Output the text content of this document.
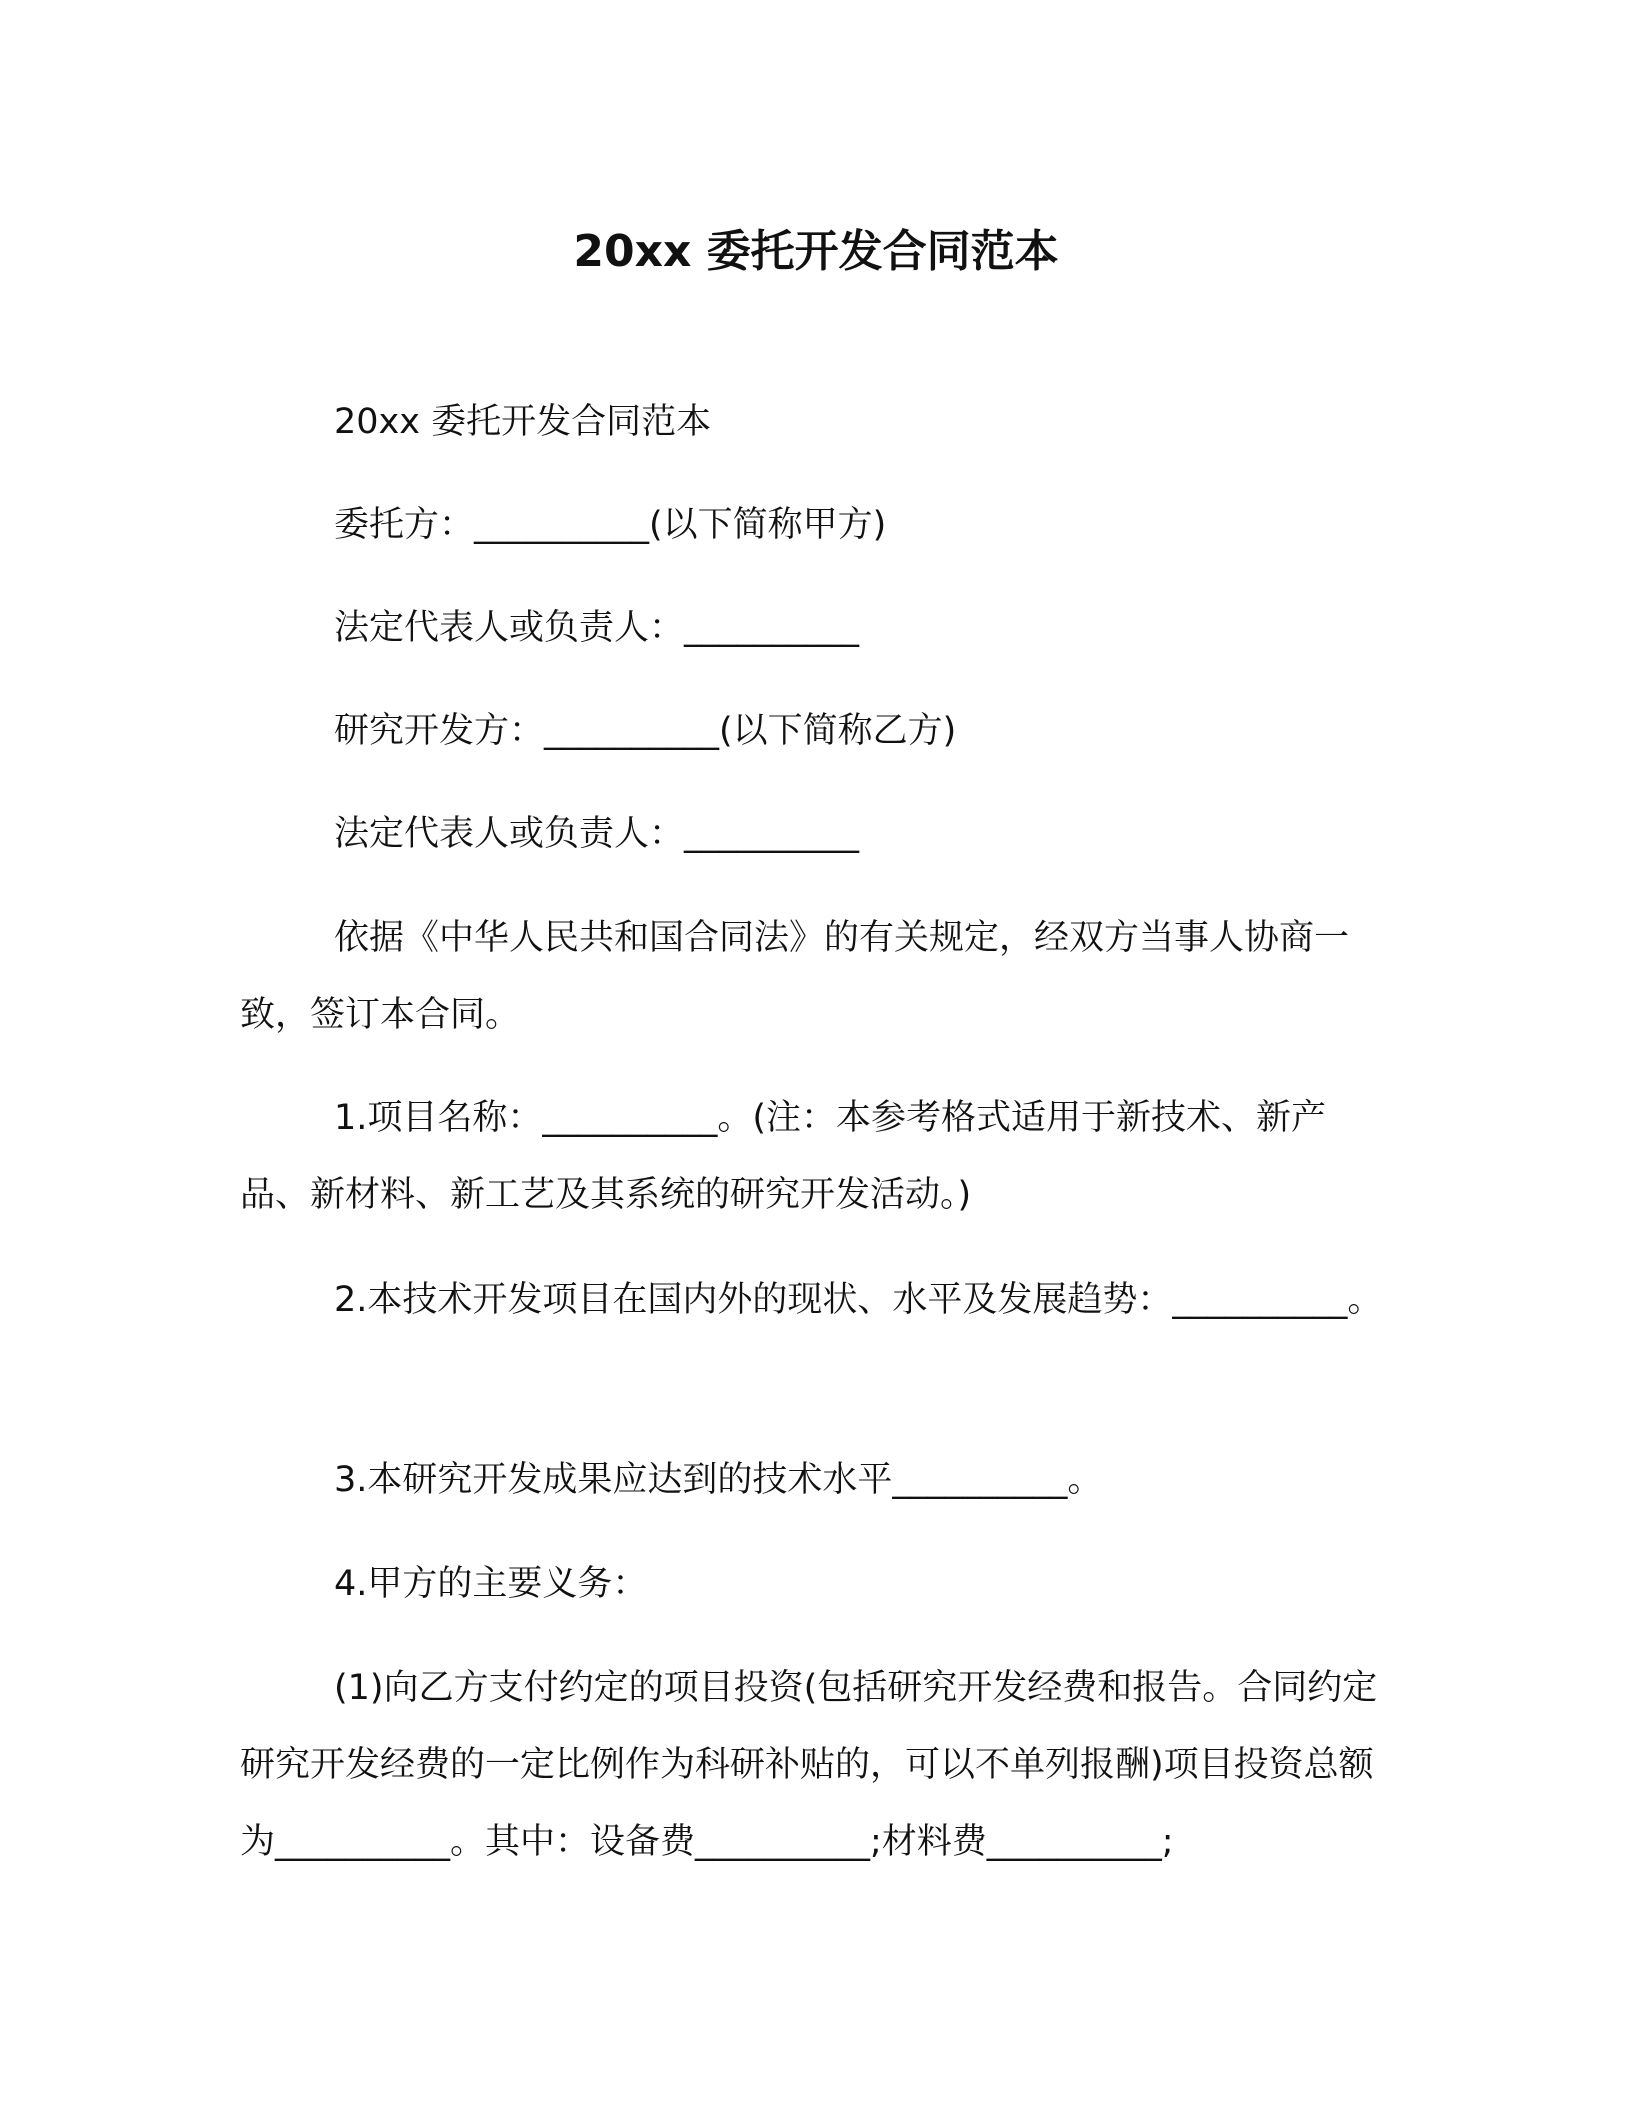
20xx 委托开发合同范本
20xx 委托开发合同范本
委托方：__________(以下简称甲方)
法定代表人或负责人：__________
研究开发方：__________(以下简称乙方)
法定代表人或负责人：__________
依据《中华人民共和国合同法》的有关规定，经双方当事人协商一致，签订本合同。
1.项目名称：__________。(注：本参考格式适用于新技术、新产品、新材料、新工艺及其系统的研究开发活动。)
2.本技术开发项目在国内外的现状、水平及发展趋势：__________。
3.本研究开发成果应达到的技术水平__________。
4.甲方的主要义务：
(1)向乙方支付约定的项目投资(包括研究开发经费和报告。合同约定研究开发经费的一定比例作为科研补贴的，可以不单列报酬)项目投资总额为__________。其中：设备费__________;材料费__________;
